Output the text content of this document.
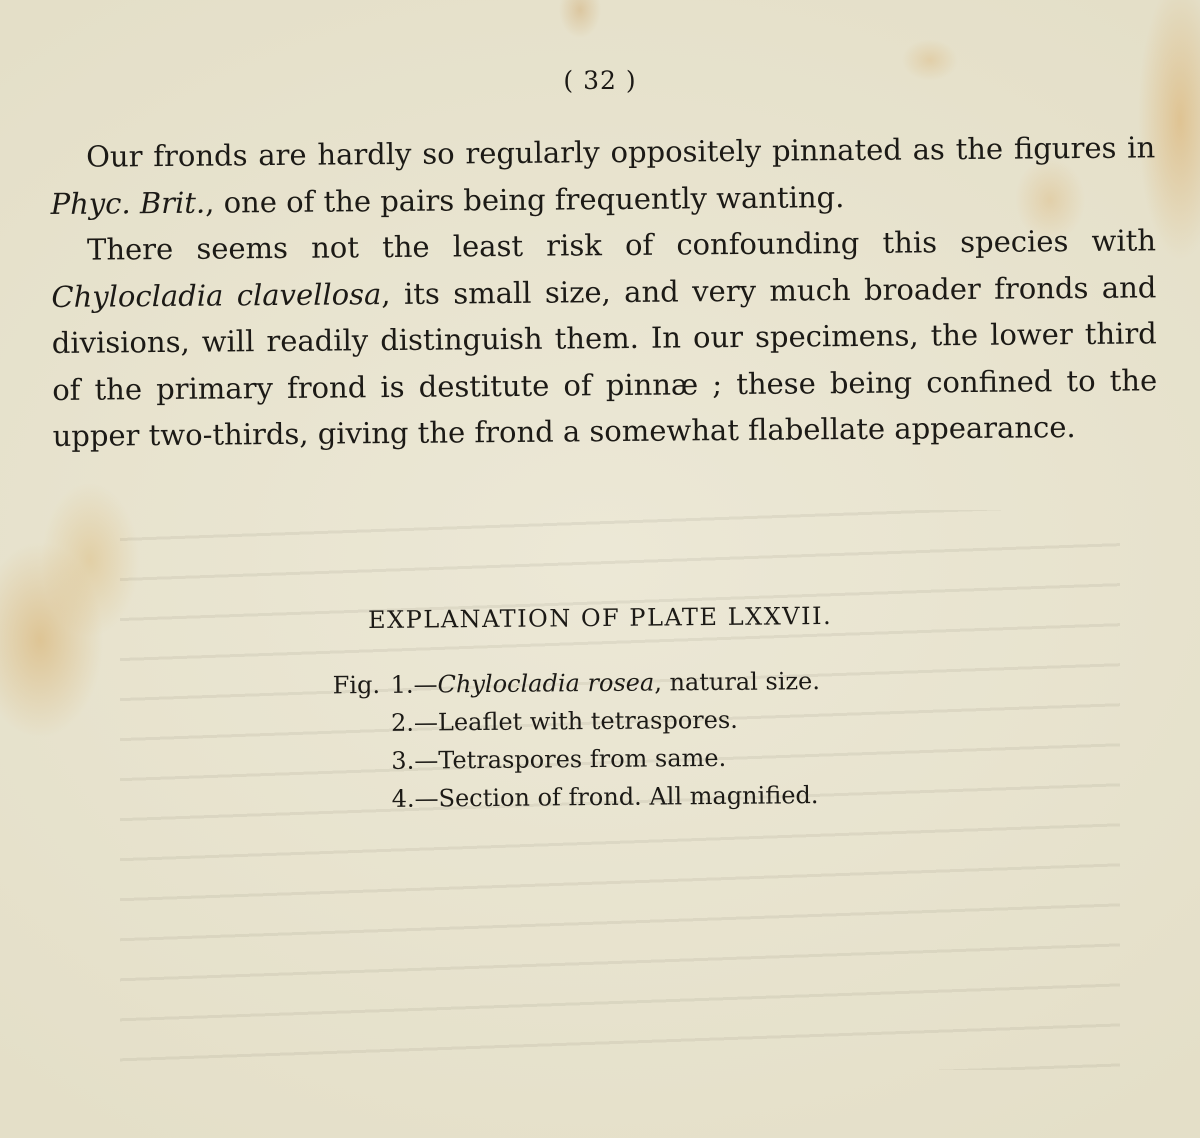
( 32 )

Our fronds are hardly so regularly oppositely pinnated as the figures in Phyc. Brit., one of the pairs being frequently wanting.

There seems not the least risk of confounding this species with Chylocladia clavellosa, its small size, and very much broader fronds and divisions, will readily distinguish them. In our specimens, the lower third of the primary frond is destitute of pinnæ ; these being confined to the upper two-thirds, giving the frond a somewhat flabellate appearance.

EXPLANATION OF PLATE LXXVII.
Fig. 1.— Chylocladia rosea , natural size.
2.— Leaflet with tetraspores.
3.— Tetraspores from same.
4.— Section of frond. All magnified.
